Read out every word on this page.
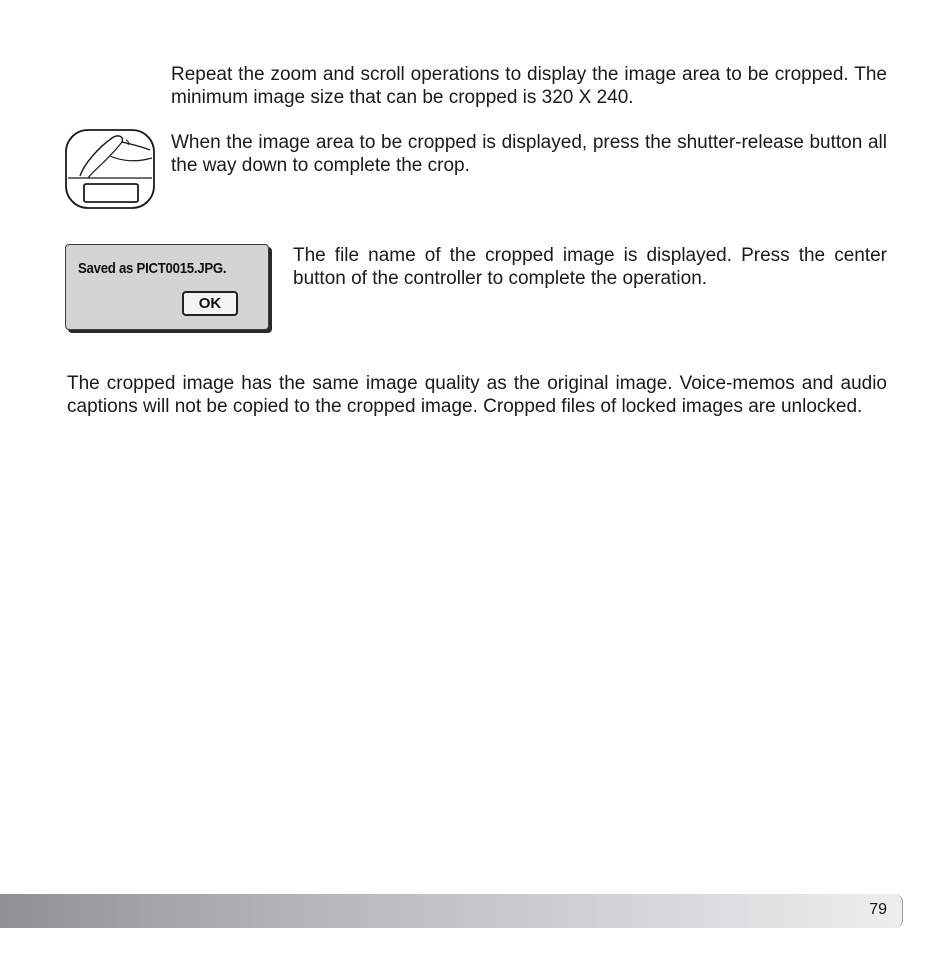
Repeat the zoom and scroll operations to display the image area to be cropped. The minimum image size that can be cropped is 320 X 240.

When the image area to be cropped is displayed, press the shutter-release button all the way down to complete the crop.

Saved as PICT0015.JPG.
OK

The file name of the cropped image is displayed. Press the center button of the controller to complete the operation.

The cropped image has the same image quality as the original image. Voice-memos and audio captions will not be copied to the cropped image. Cropped files of locked images are unlocked.

79
